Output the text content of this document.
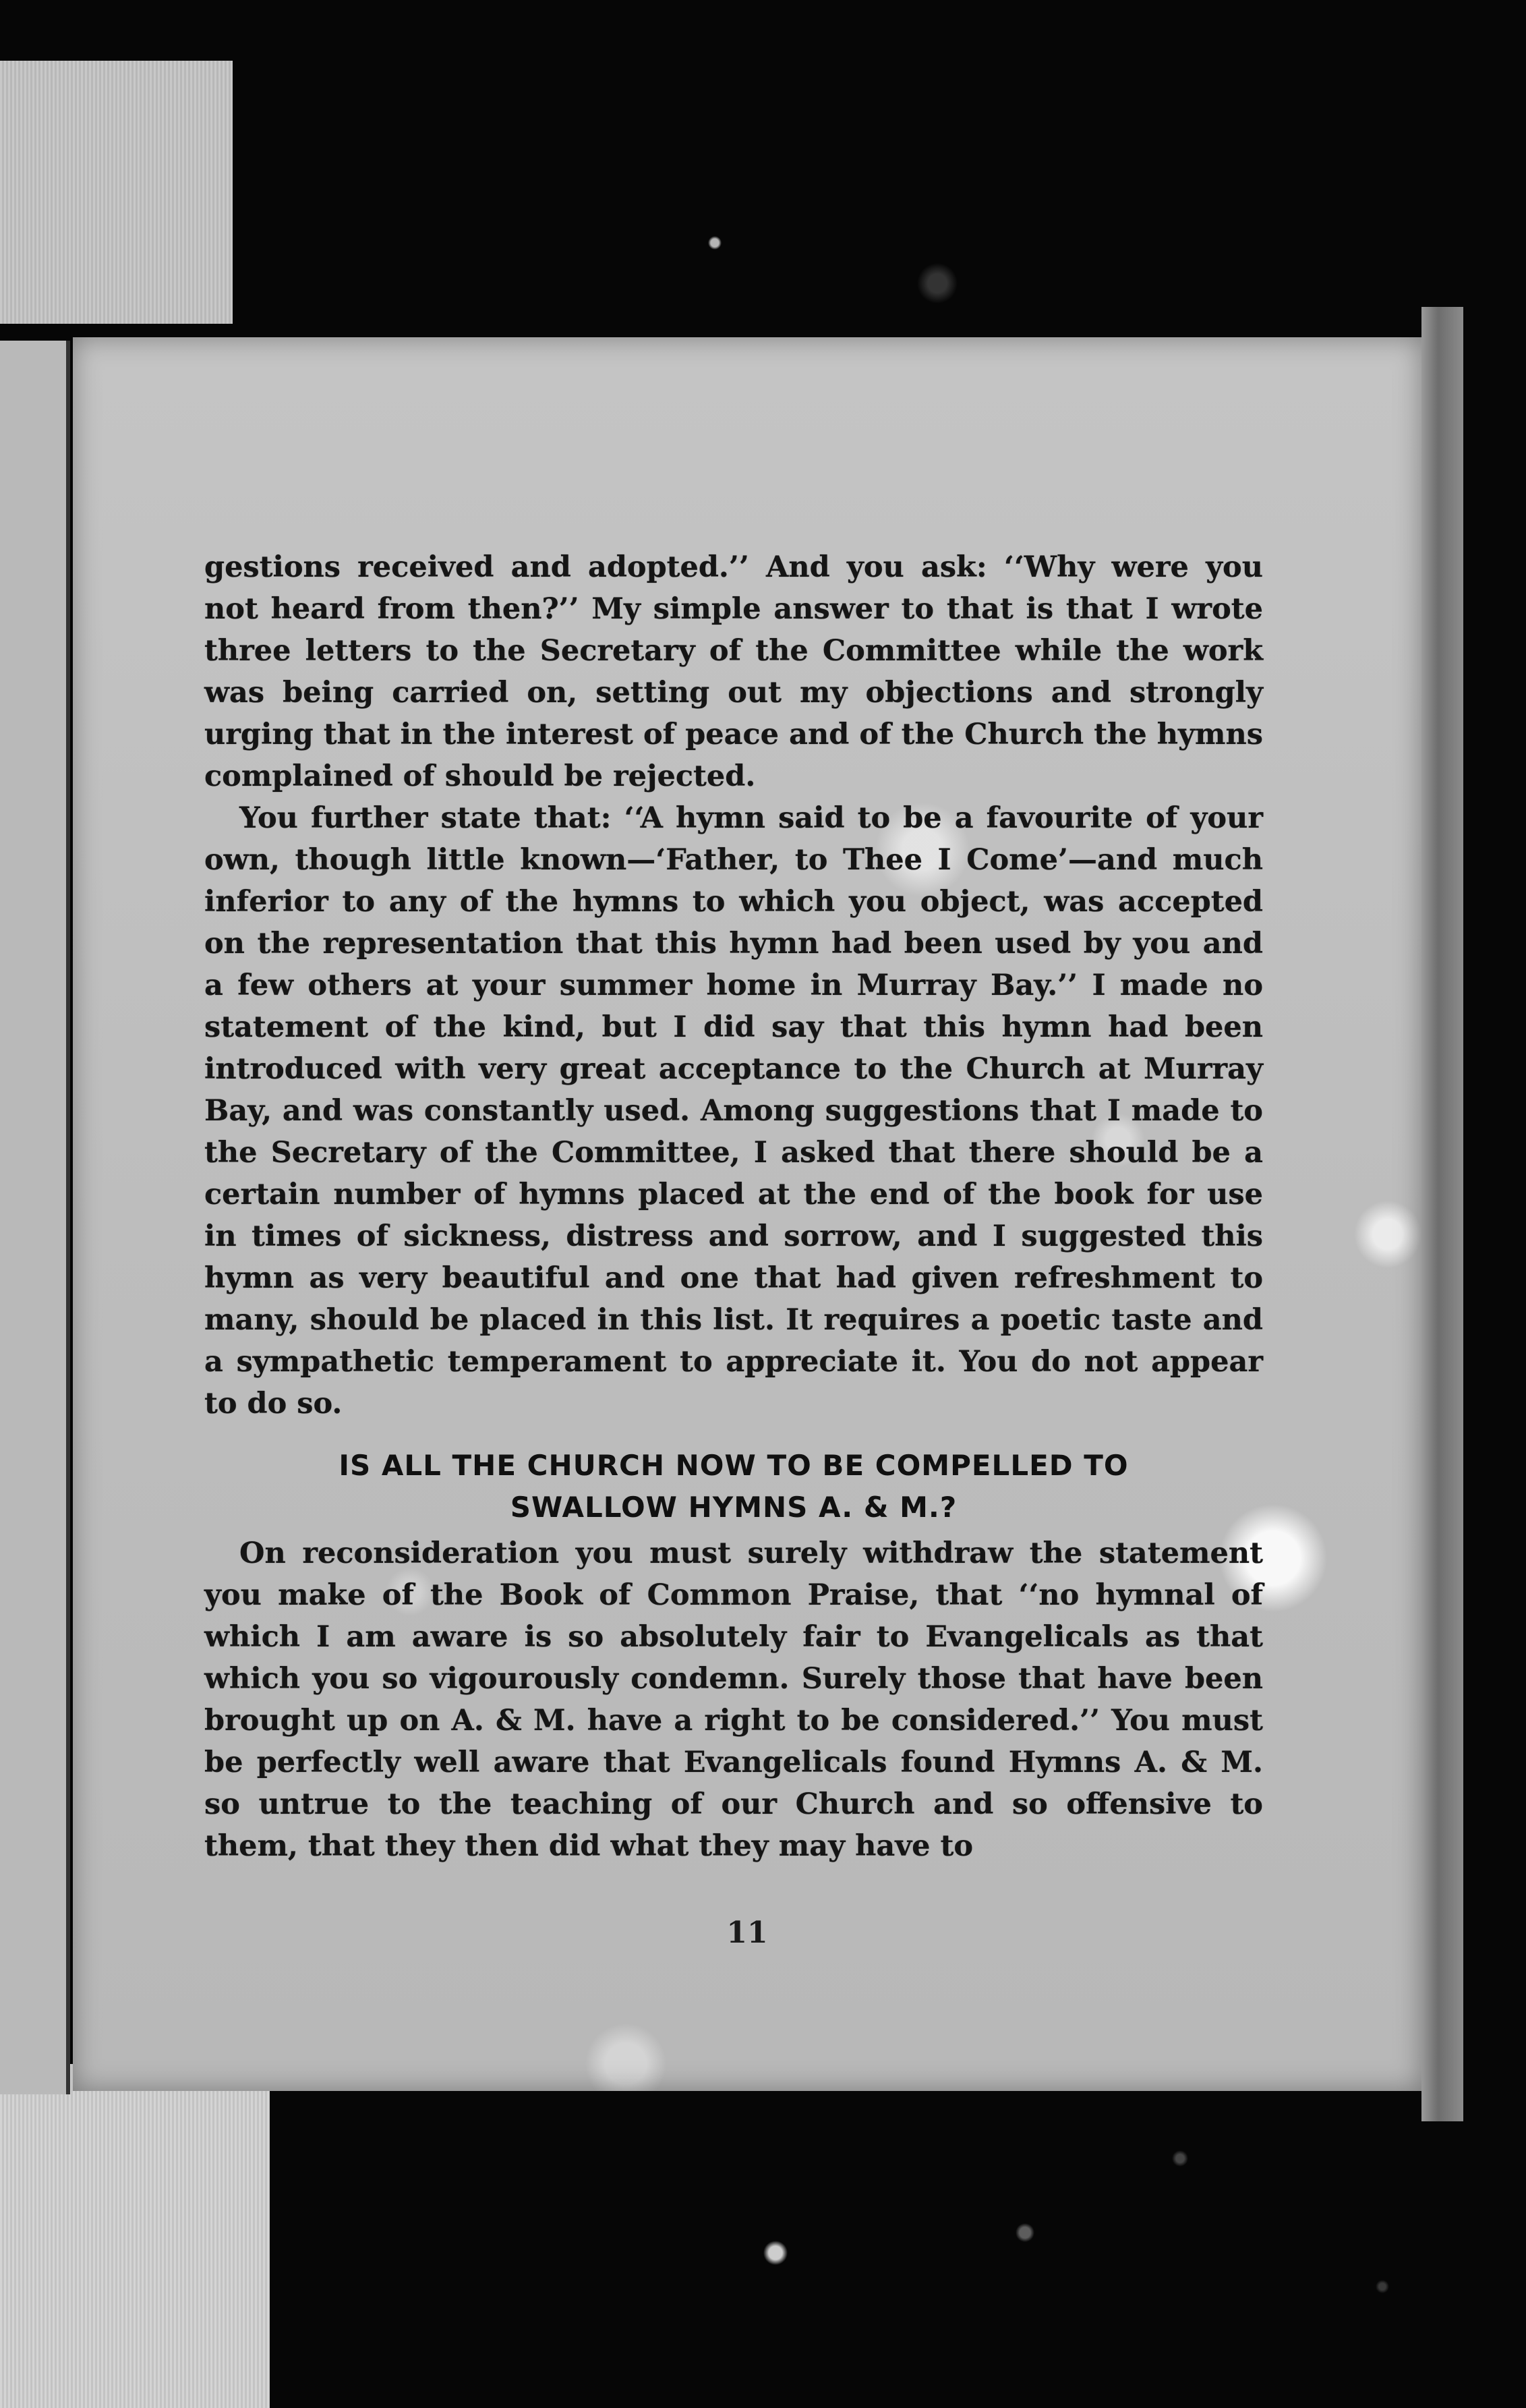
gestions received and adopted.’’ And you ask: ‘‘Why were you not heard from then?’’ My simple answer to that is that I wrote three letters to the Secretary of the Committee while the work was being carried on, setting out my objections and strongly urging that in the interest of peace and of the Church the hymns complained of should be rejected.

You further state that: ‘‘A hymn said to be a favourite of your own, though little known—‘Father, to Thee I Come’—and much inferior to any of the hymns to which you object, was accepted on the representation that this hymn had been used by you and a few others at your summer home in Murray Bay.’’ I made no statement of the kind, but I did say that this hymn had been introduced with very great acceptance to the Church at Murray Bay, and was constantly used. Among suggestions that I made to the Secretary of the Committee, I asked that there should be a certain number of hymns placed at the end of the book for use in times of sickness, distress and sorrow, and I suggested this hymn as very beautiful and one that had given refreshment to many, should be placed in this list. It requires a poetic taste and a sympathetic temperament to appreciate it. You do not appear to do so.

IS ALL THE CHURCH NOW TO BE COMPELLED TO
SWALLOW HYMNS A. & M.?

On reconsideration you must surely withdraw the statement you make of the Book of Common Praise, that ‘‘no hymnal of which I am aware is so absolutely fair to Evangelicals as that which you so vigourously condemn. Surely those that have been brought up on A. & M. have a right to be considered.’’ You must be perfectly well aware that Evangelicals found Hymns A. & M. so untrue to the teaching of our Church and so offensive to them, that they then did what they may have to

11
